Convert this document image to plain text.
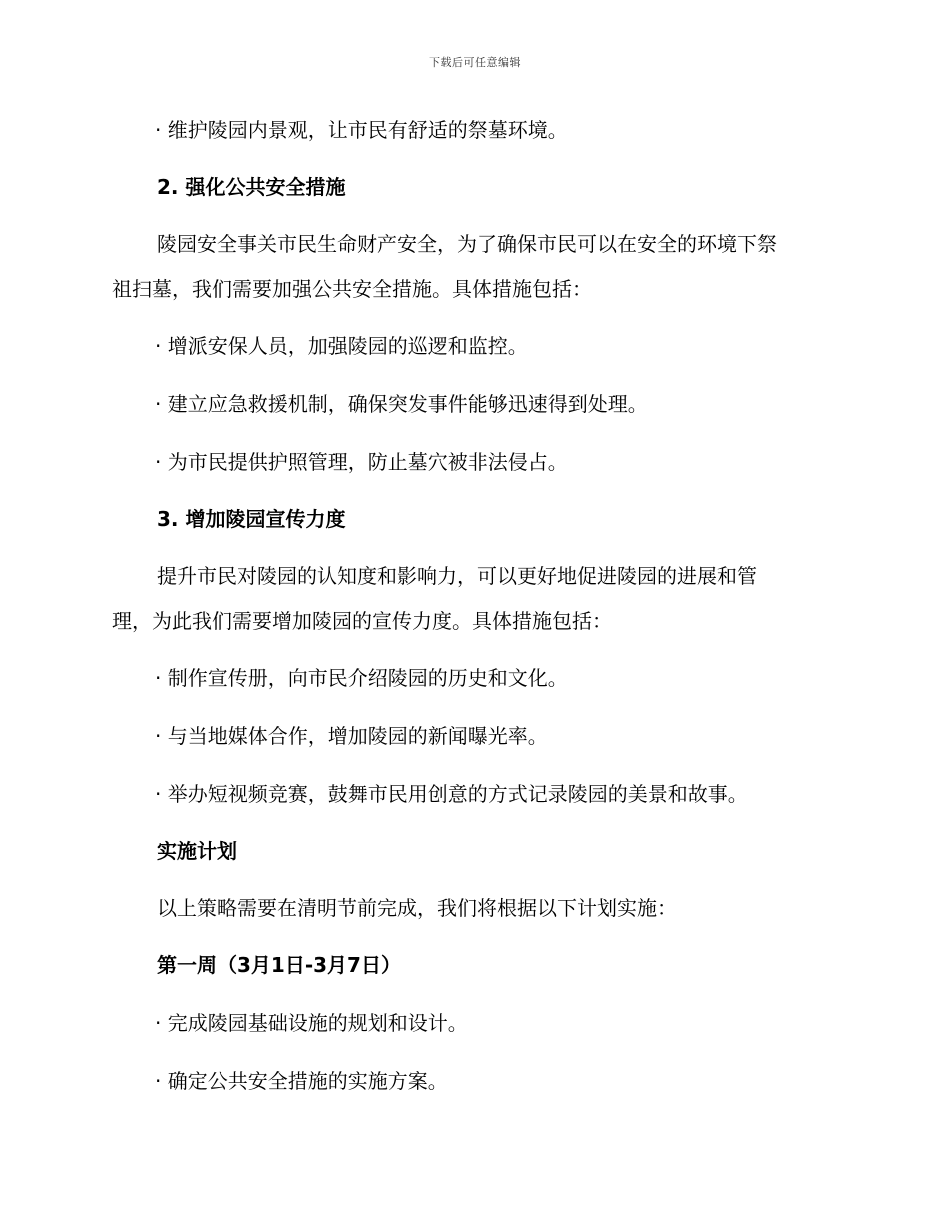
下载后可任意编辑
· 维护陵园内景观，让市民有舒适的祭墓环境。
2. 强化公共安全措施
陵园安全事关市民生命财产安全，为了确保市民可以在安全的环境下祭
祖扫墓，我们需要加强公共安全措施。具体措施包括：
· 增派安保人员，加强陵园的巡逻和监控。
· 建立应急救援机制，确保突发事件能够迅速得到处理。
· 为市民提供护照管理，防止墓穴被非法侵占。
3. 增加陵园宣传力度
提升市民对陵园的认知度和影响力，可以更好地促进陵园的进展和管
理，为此我们需要增加陵园的宣传力度。具体措施包括：
· 制作宣传册，向市民介绍陵园的历史和文化。
· 与当地媒体合作，增加陵园的新闻曝光率。
· 举办短视频竞赛，鼓舞市民用创意的方式记录陵园的美景和故事。
实施计划
以上策略需要在清明节前完成，我们将根据以下计划实施：
第一周（3月1日-3月7日）
· 完成陵园基础设施的规划和设计。
· 确定公共安全措施的实施方案。
